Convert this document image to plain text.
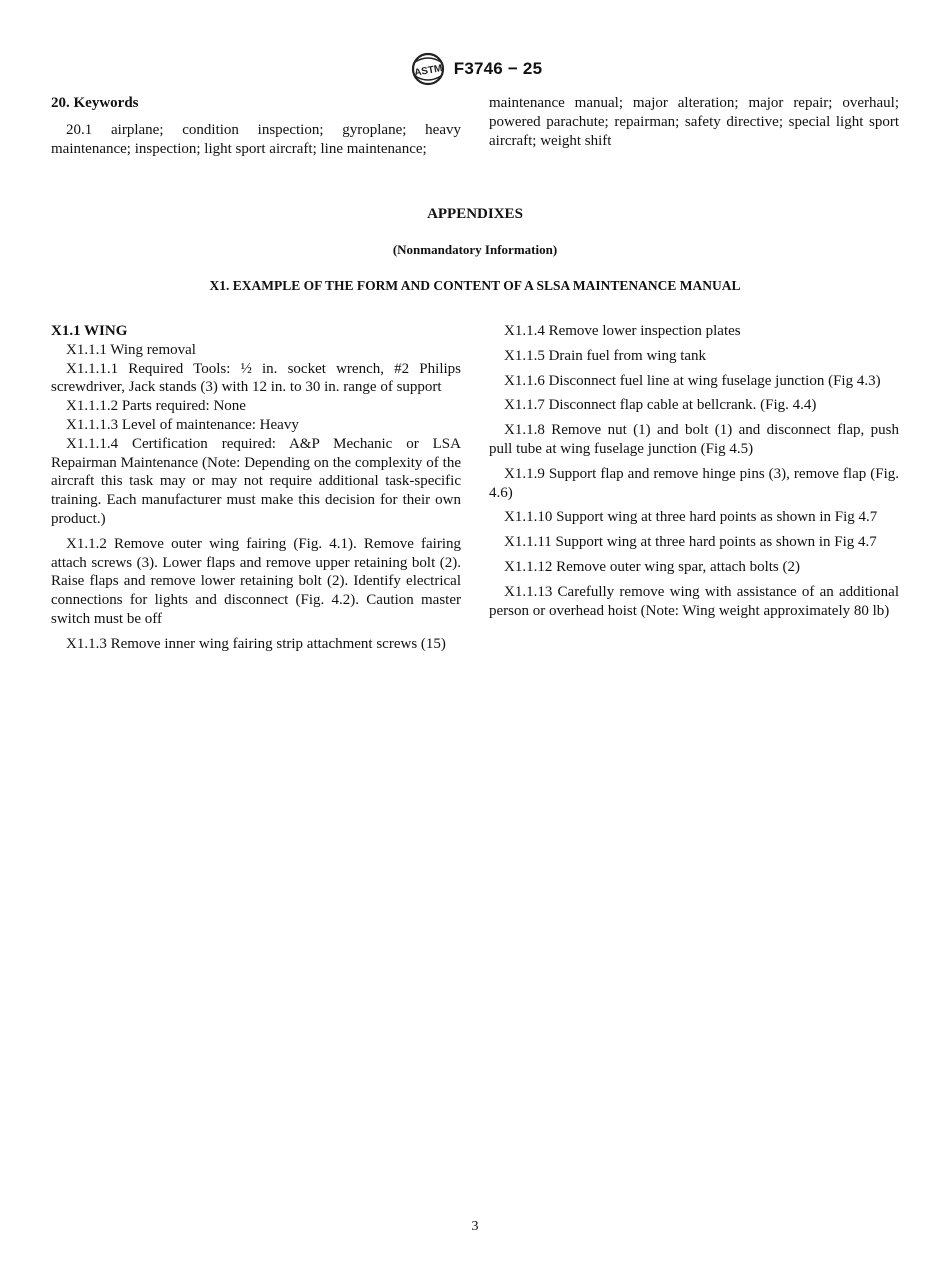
ASTM F3746 − 25

20. Keywords

20.1 airplane; condition inspection; gyroplane; heavy maintenance; inspection; light sport aircraft; line maintenance;

maintenance manual; major alteration; major repair; overhaul; powered parachute; repairman; safety directive; special light sport aircraft; weight shift

APPENDIXES
(Nonmandatory Information)
X1. EXAMPLE OF THE FORM AND CONTENT OF A SLSA MAINTENANCE MANUAL

X1.1 WING

X1.1.1 Wing removal

X1.1.1.1 Required Tools: ½ in. socket wrench, #2 Philips screwdriver, Jack stands (3) with 12 in. to 30 in. range of support

X1.1.1.2 Parts required: None

X1.1.1.3 Level of maintenance: Heavy

X1.1.1.4 Certification required: A&P Mechanic or LSA Repairman Maintenance (Note: Depending on the complexity of the aircraft this task may or may not require additional task-specific training. Each manufacturer must make this decision for their own product.)

X1.1.2 Remove outer wing fairing (Fig. 4.1). Remove fairing attach screws (3). Lower flaps and remove upper retaining bolt (2). Raise flaps and remove lower retaining bolt (2). Identify electrical connections for lights and disconnect (Fig. 4.2). Caution master switch must be off

X1.1.3 Remove inner wing fairing strip attachment screws (15)

X1.1.4 Remove lower inspection plates

X1.1.5 Drain fuel from wing tank

X1.1.6 Disconnect fuel line at wing fuselage junction (Fig 4.3)

X1.1.7 Disconnect flap cable at bellcrank. (Fig. 4.4)

X1.1.8 Remove nut (1) and bolt (1) and disconnect flap, push pull tube at wing fuselage junction (Fig 4.5)

X1.1.9 Support flap and remove hinge pins (3), remove flap (Fig. 4.6)

X1.1.10 Support wing at three hard points as shown in Fig 4.7

X1.1.11 Support wing at three hard points as shown in Fig 4.7

X1.1.12 Remove outer wing spar, attach bolts (2)

X1.1.13 Carefully remove wing with assistance of an additional person or overhead hoist (Note: Wing weight approximately 80 lb)

3
